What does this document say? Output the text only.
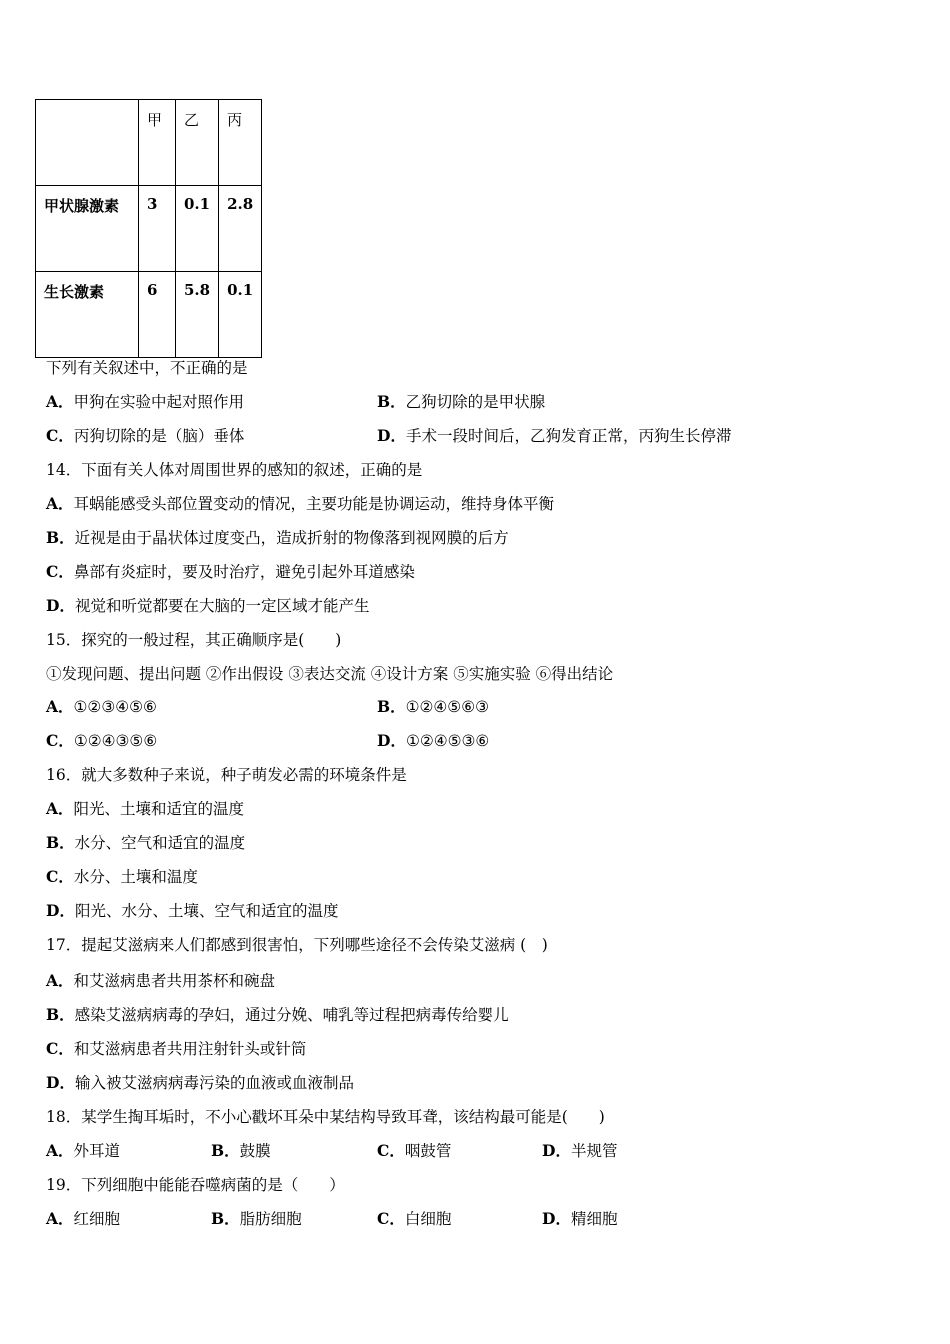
	甲	乙	丙
甲状腺激素	3	0.1	2.8
生长激素	6	5.8	0.1
下列有关叙述中，不正确的是
A．甲狗在实验中起对照作用	B．乙狗切除的是甲状腺
C．丙狗切除的是（脑）垂体	D．手术一段时间后，乙狗发育正常，丙狗生长停滞
14．下面有关人体对周围世界的感知的叙述，正确的是
A．耳蜗能感受头部位置变动的情况，主要功能是协调运动，维持身体平衡
B．近视是由于晶状体过度变凸，造成折射的物像落到视网膜的后方
C．鼻部有炎症时，要及时治疗，避免引起外耳道感染
D．视觉和听觉都要在大脑的一定区域才能产生
15．探究的一般过程，其正确顺序是(　　)
①发现问题、提出问题 ②作出假设 ③表达交流 ④设计方案 ⑤实施实验 ⑥得出结论
A．①②③④⑤⑥	B．①②④⑤⑥③
C．①②④③⑤⑥	D．①②④⑤③⑥
16．就大多数种子来说，种子萌发必需的环境条件是
A．阳光、土壤和适宜的温度
B．水分、空气和适宜的温度
C．水分、土壤和温度
D．阳光、水分、土壤、空气和适宜的温度
17．提起艾滋病来人们都感到很害怕，下列哪些途径不会传染艾滋病 (　)
A．和艾滋病患者共用茶杯和碗盘
B．感染艾滋病病毒的孕妇，通过分娩、哺乳等过程把病毒传给婴儿
C．和艾滋病患者共用注射针头或针筒
D．输入被艾滋病病毒污染的血液或血液制品
18．某学生掏耳垢时，不小心戳坏耳朵中某结构导致耳聋，该结构最可能是(　　)
A．外耳道	B．鼓膜	C．咽鼓管	D．半规管
19．下列细胞中能能吞噬病菌的是（　　）
A．红细胞	B．脂肪细胞	C．白细胞	D．精细胞
